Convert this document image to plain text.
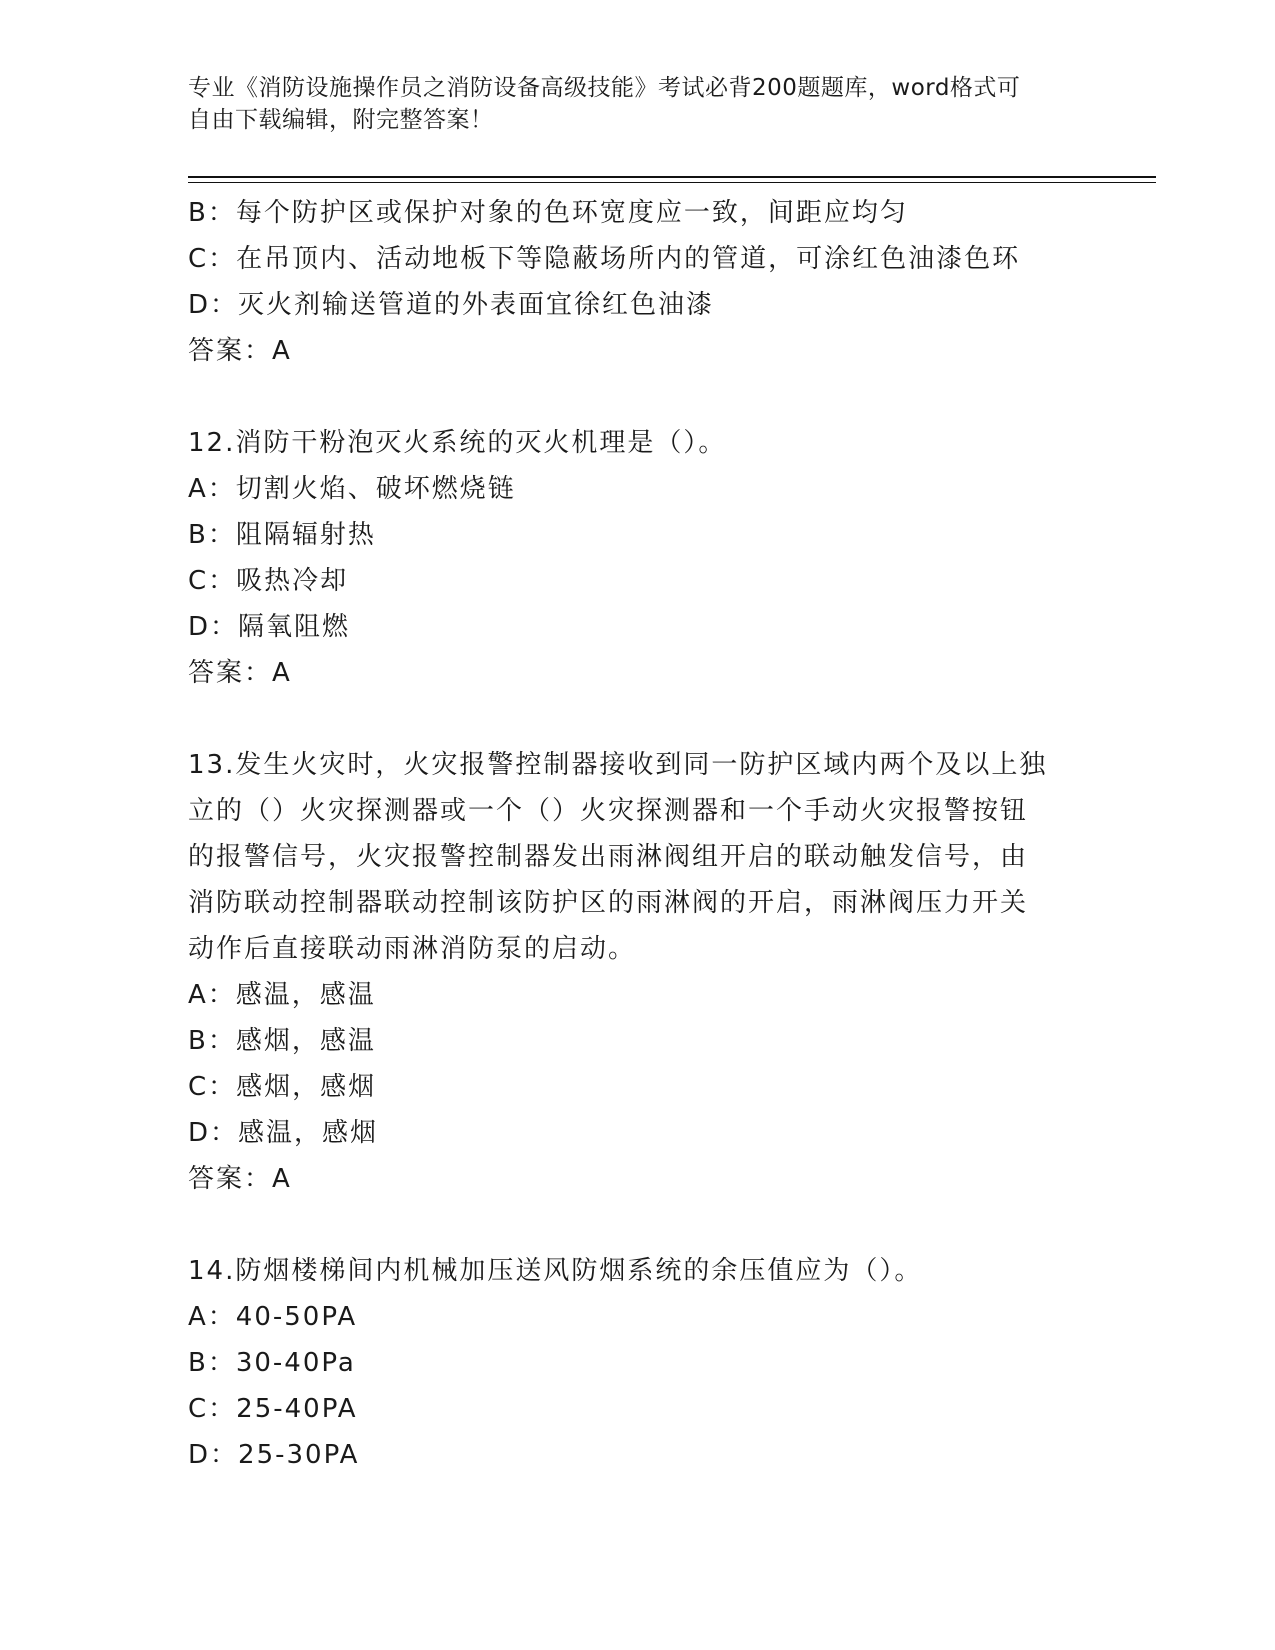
专业《消防设施操作员之消防设备高级技能》考试必背200题题库，word格式可
自由下载编辑，附完整答案！
B：每个防护区或保护对象的色环宽度应一致，间距应均匀
C：在吊顶内、活动地板下等隐蔽场所内的管道，可涂红色油漆色环
D：灭火剂输送管道的外表面宜徐红色油漆
答案：A
12.消防干粉泡灭火系统的灭火机理是（）。
A：切割火焰、破坏燃烧链
B：阻隔辐射热
C：吸热冷却
D：隔氧阻燃
答案：A
13.发生火灾时，火灾报警控制器接收到同一防护区域内两个及以上独
立的（）火灾探测器或一个（）火灾探测器和一个手动火灾报警按钮
的报警信号，火灾报警控制器发出雨淋阀组开启的联动触发信号，由
消防联动控制器联动控制该防护区的雨淋阀的开启，雨淋阀压力开关
动作后直接联动雨淋消防泵的启动。
A：感温，感温
B：感烟，感温
C：感烟，感烟
D：感温，感烟
答案：A
14.防烟楼梯间内机械加压送风防烟系统的余压值应为（）。
A：40-50PA
B：30-40Pa
C：25-40PA
D：25-30PA
